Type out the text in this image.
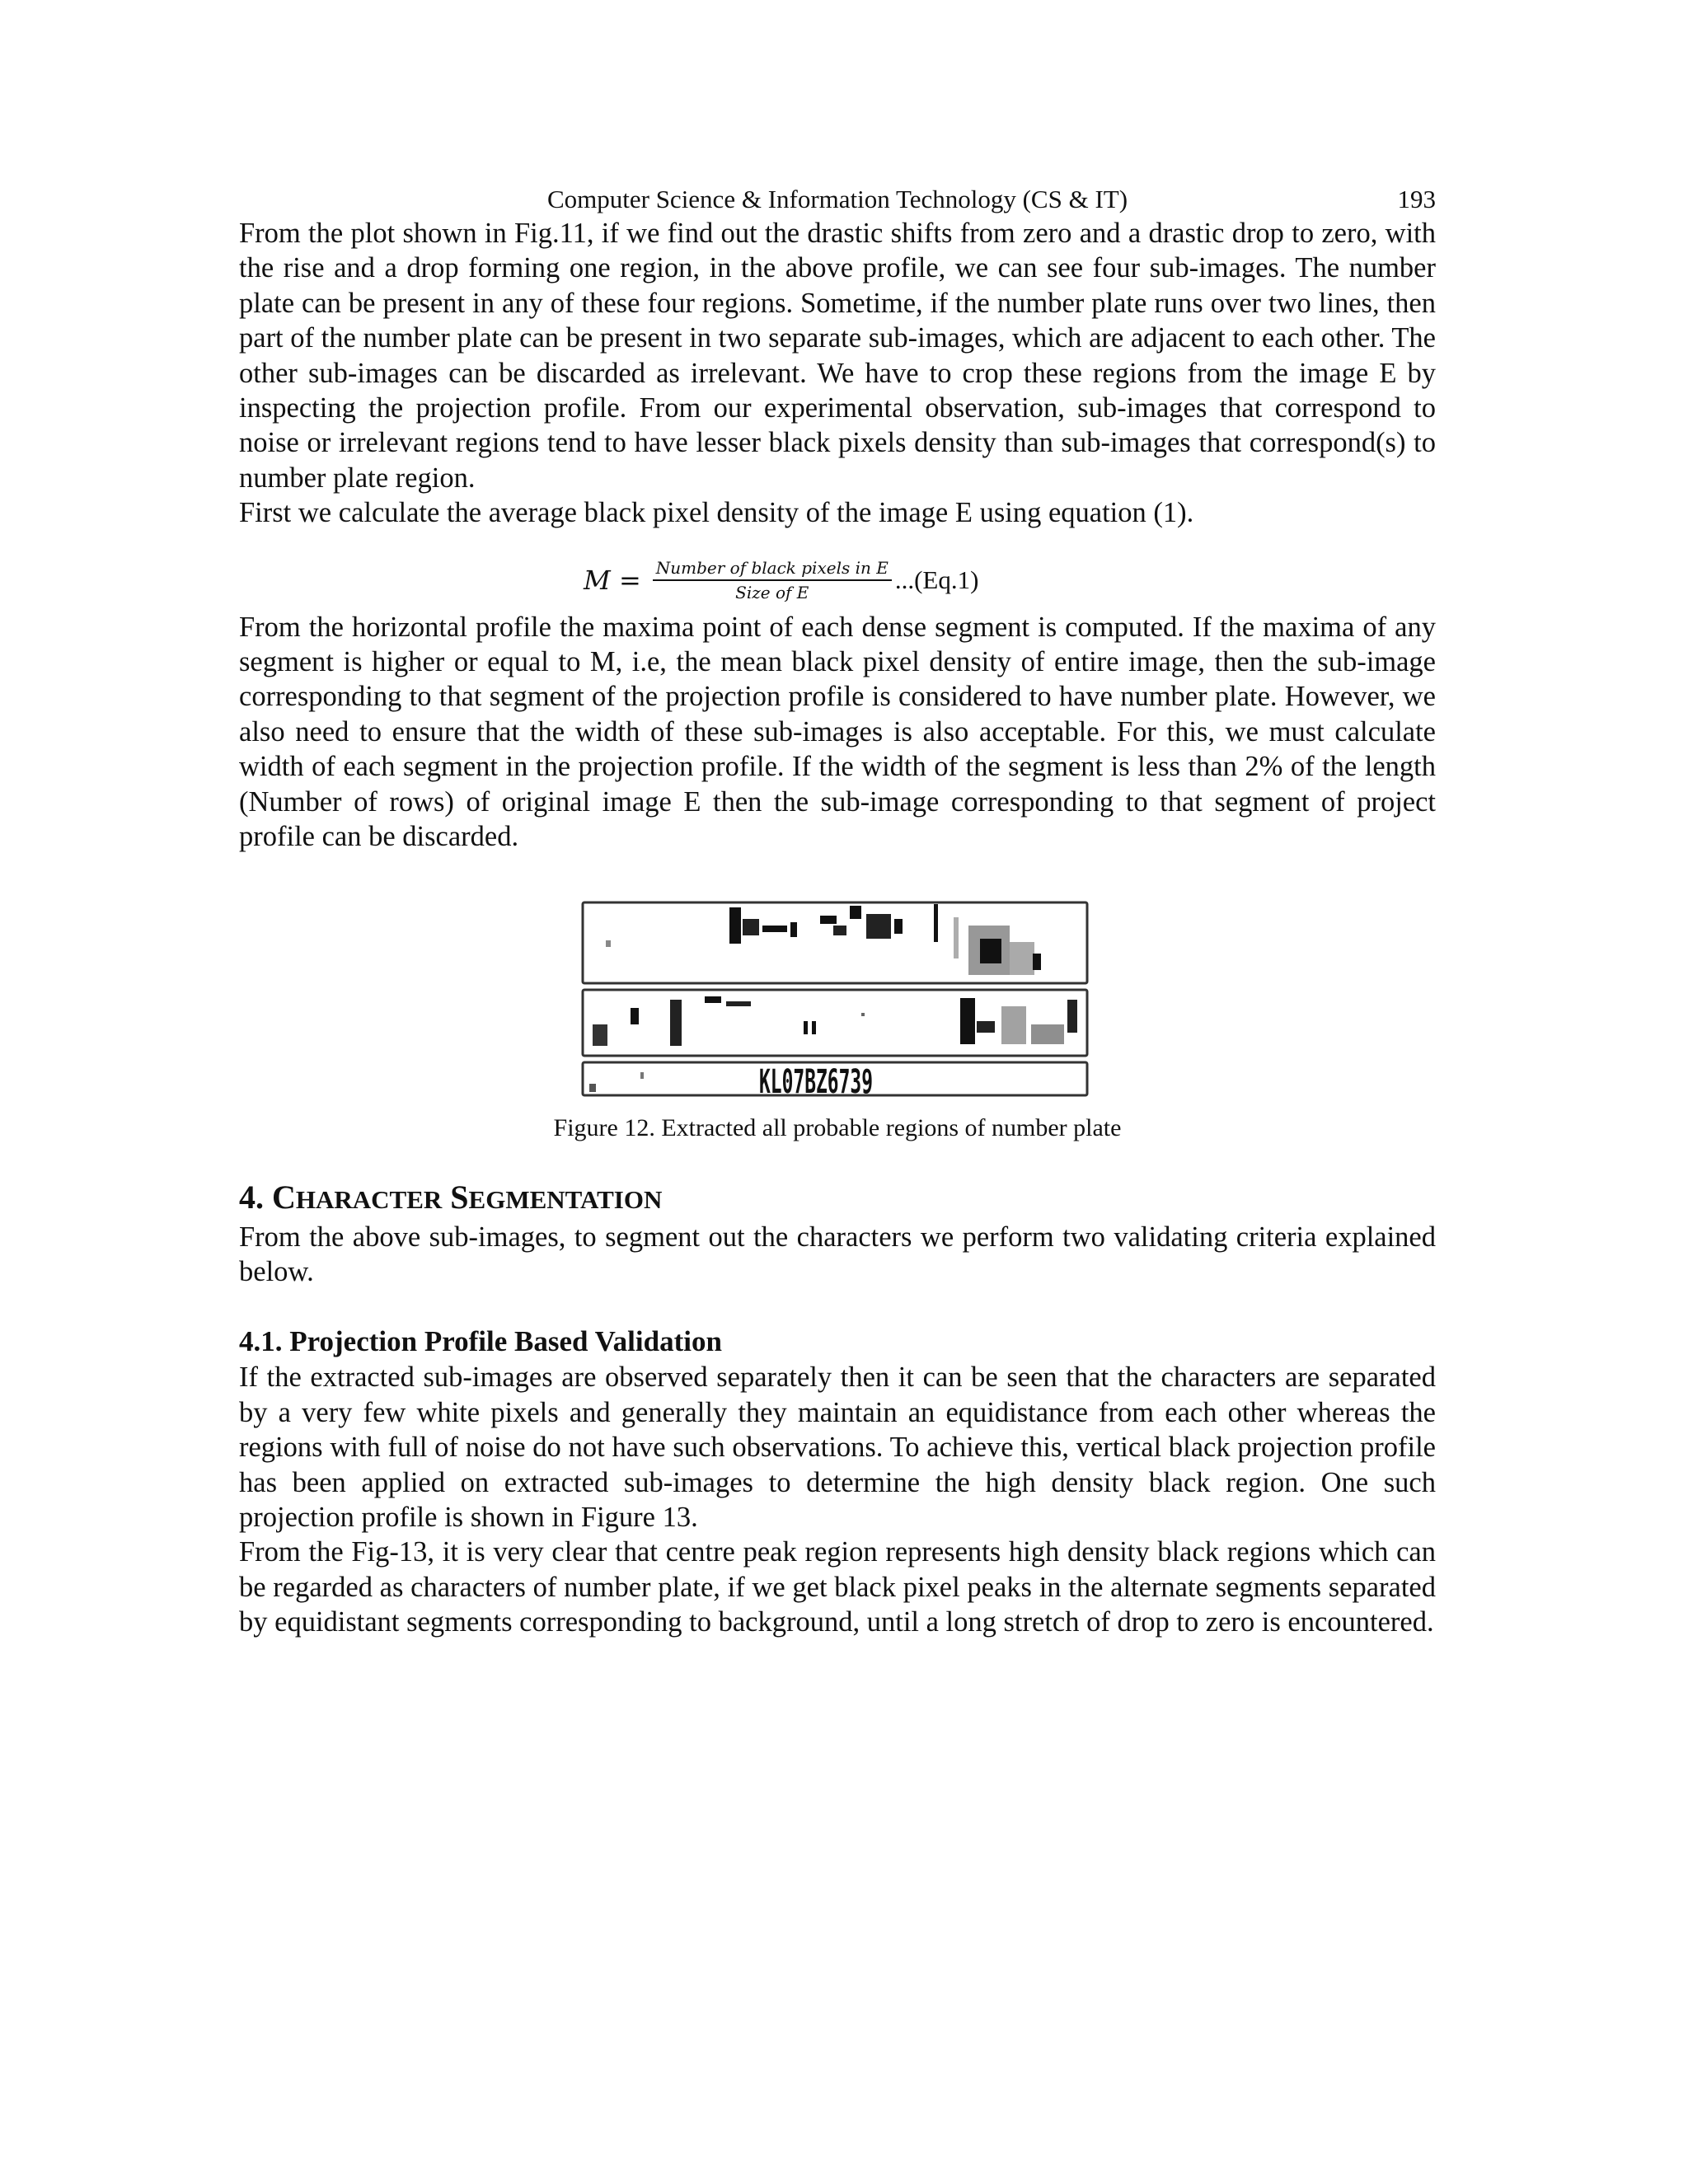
Computer Science & Information Technology (CS & IT)	193

From the plot shown in Fig.11, if we find out the drastic shifts from zero and a drastic drop to zero, with the rise and a drop forming one region, in the above profile, we can see four sub-images. The number plate can be present in any of these four regions. Sometime, if the number plate runs over two lines, then part of the number plate can be present in two separate sub-images, which are adjacent to each other. The other sub-images can be discarded as irrelevant. We have to crop these regions from the image E by inspecting the projection profile. From our experimental observation, sub-images that correspond to noise or irrelevant regions tend to have lesser black pixels density than sub-images that correspond(s) to number plate region.

First we calculate the average black pixel density of the image E using equation (1).

$M = \frac{\text{Number of black pixels in E}}{\text{Size of E}} ...(Eq.1)$

From the horizontal profile the maxima point of each dense segment is computed. If the maxima of any segment is higher or equal to M, i.e, the mean black pixel density of entire image, then the sub-image corresponding to that segment of the projection profile is considered to have number plate. However, we also need to ensure that the width of these sub-images is also acceptable. For this, we must calculate width of each segment in the projection profile. If the width of the segment is less than 2% of the length (Number of rows) of original image E then the sub-image corresponding to that segment of project profile can be discarded.

KL07BZ6739
Figure 12. Extracted all probable regions of number plate
4. CHARACTER SEGMENTATION

From the above sub-images, to segment out the characters we perform two validating criteria explained below.

4.1. Projection Profile Based Validation

If the extracted sub-images are observed separately then it can be seen that the characters are separated by a very few white pixels and generally they maintain an equidistance from each other whereas the regions with full of noise do not have such observations. To achieve this, vertical black projection profile has been applied on extracted sub-images to determine the high density black region. One such projection profile is shown in Figure 13.

From the Fig-13, it is very clear that centre peak region represents high density black regions which can be regarded as characters of number plate, if we get black pixel peaks in the alternate segments separated by equidistant segments corresponding to background, until a long stretch of drop to zero is encountered.
